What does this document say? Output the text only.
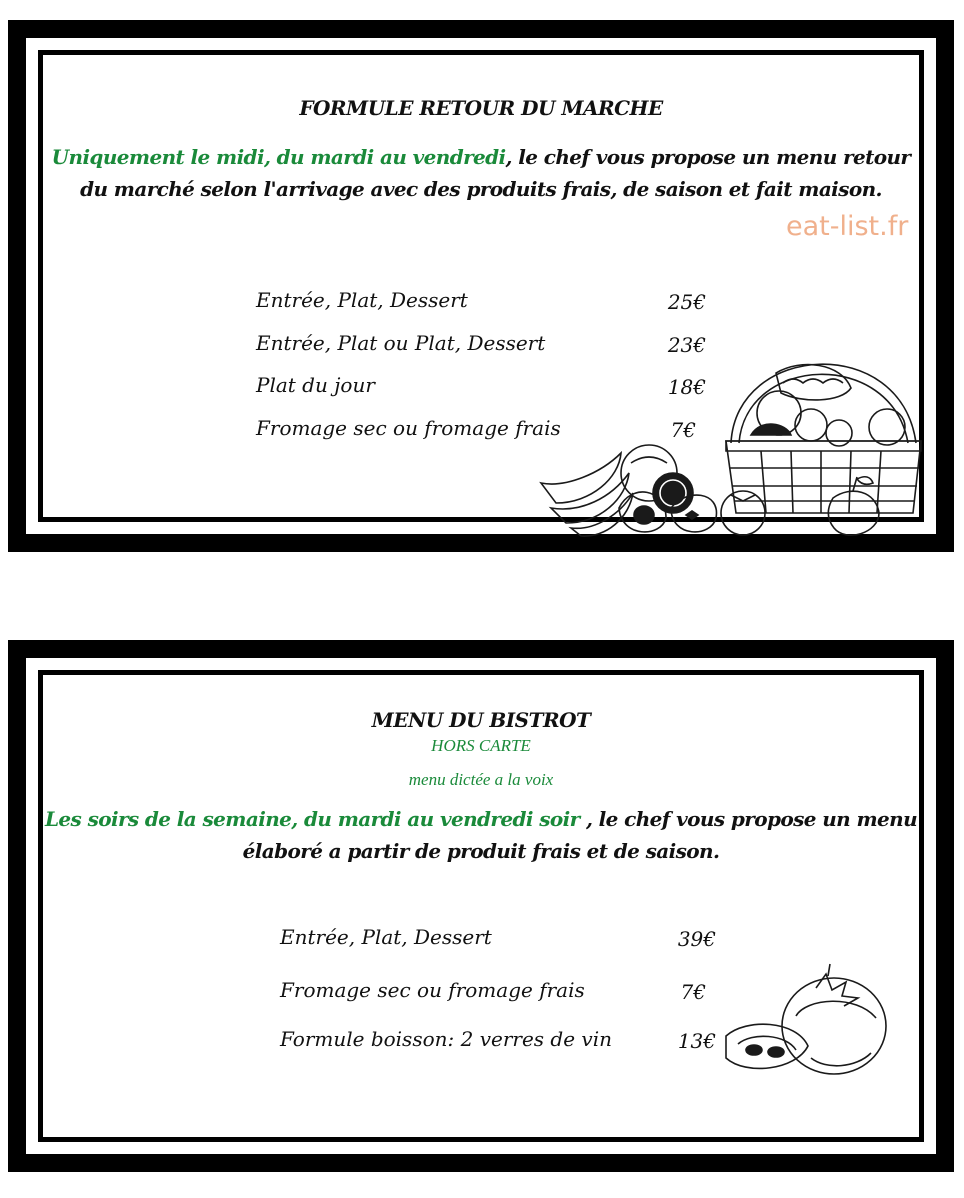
FORMULE RETOUR DU MARCHE
Uniquement le midi, du mardi au vendredi, le chef vous propose un menu retour
du marché selon l'arrivage avec des produits frais, de saison et fait maison.
eat-list.fr
Entrée, Plat, Dessert	25€
Entrée, Plat ou Plat, Dessert	23€
Plat du jour	18€
Fromage sec ou fromage frais	7€
MENU DU BISTROT
HORS CARTE
menu dictée a la voix
Les soirs de la semaine, du mardi au vendredi soir , le chef vous propose un menu
élaboré a partir de produit frais et de saison.
Entrée, Plat, Dessert	39€
Fromage sec ou fromage frais	7€
Formule boisson: 2 verres de vin	13€
